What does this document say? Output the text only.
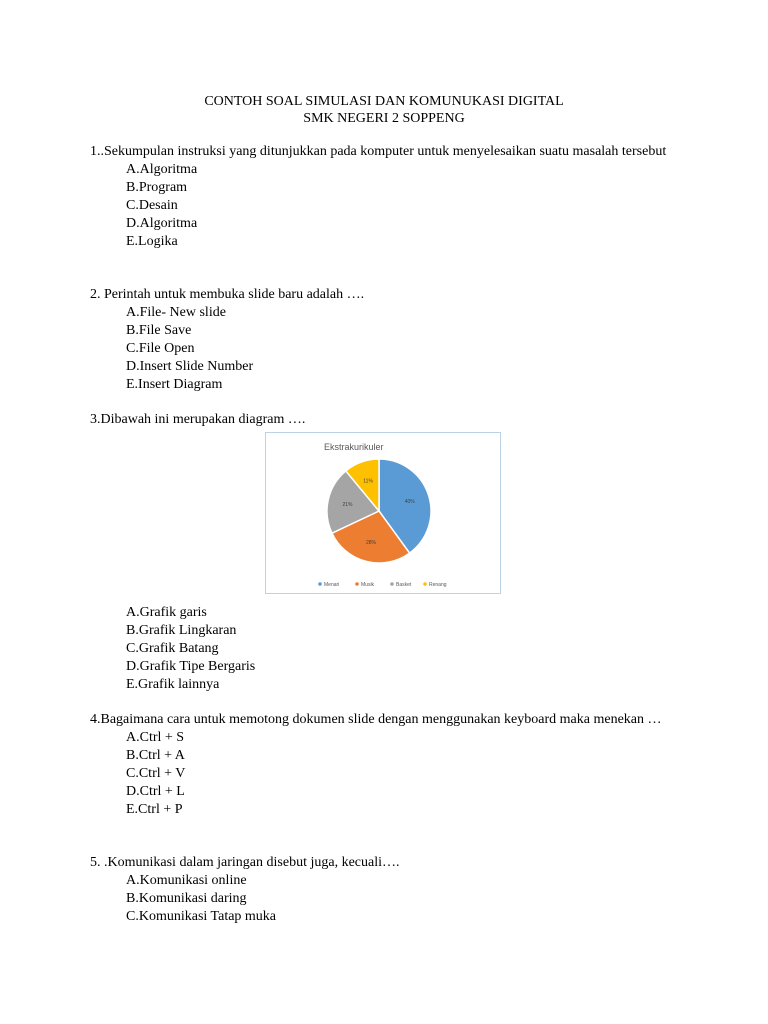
CONTOH SOAL SIMULASI DAN KOMUNUKASI DIGITAL
SMK NEGERI 2 SOPPENG
1..Sekumpulan instruksi yang ditunjukkan pada komputer untuk menyelesaikan suatu masalah tersebut
A.Algoritma
B.Program
C.Desain
D.Algoritma
E.Logika
2. Perintah untuk membuka slide baru adalah ….
A.File- New slide
B.File Save
C.File Open
D.Insert Slide Number
E.Insert Diagram
3.Dibawah ini merupakan diagram ….
Ekstrakurikuler
40%
28%
21%
11%
Menari	Musik	Basket	Renang
A.Grafik garis
B.Grafik Lingkaran
C.Grafik Batang
D.Grafik Tipe Bergaris
E.Grafik lainnya
4.Bagaimana cara untuk memotong dokumen slide dengan menggunakan keyboard maka menekan …
A.Ctrl + S
B.Ctrl + A
C.Ctrl + V
D.Ctrl + L
E.Ctrl + P
5. .Komunikasi dalam jaringan disebut juga, kecuali….
A.Komunikasi online
B.Komunikasi daring
C.Komunikasi Tatap muka
